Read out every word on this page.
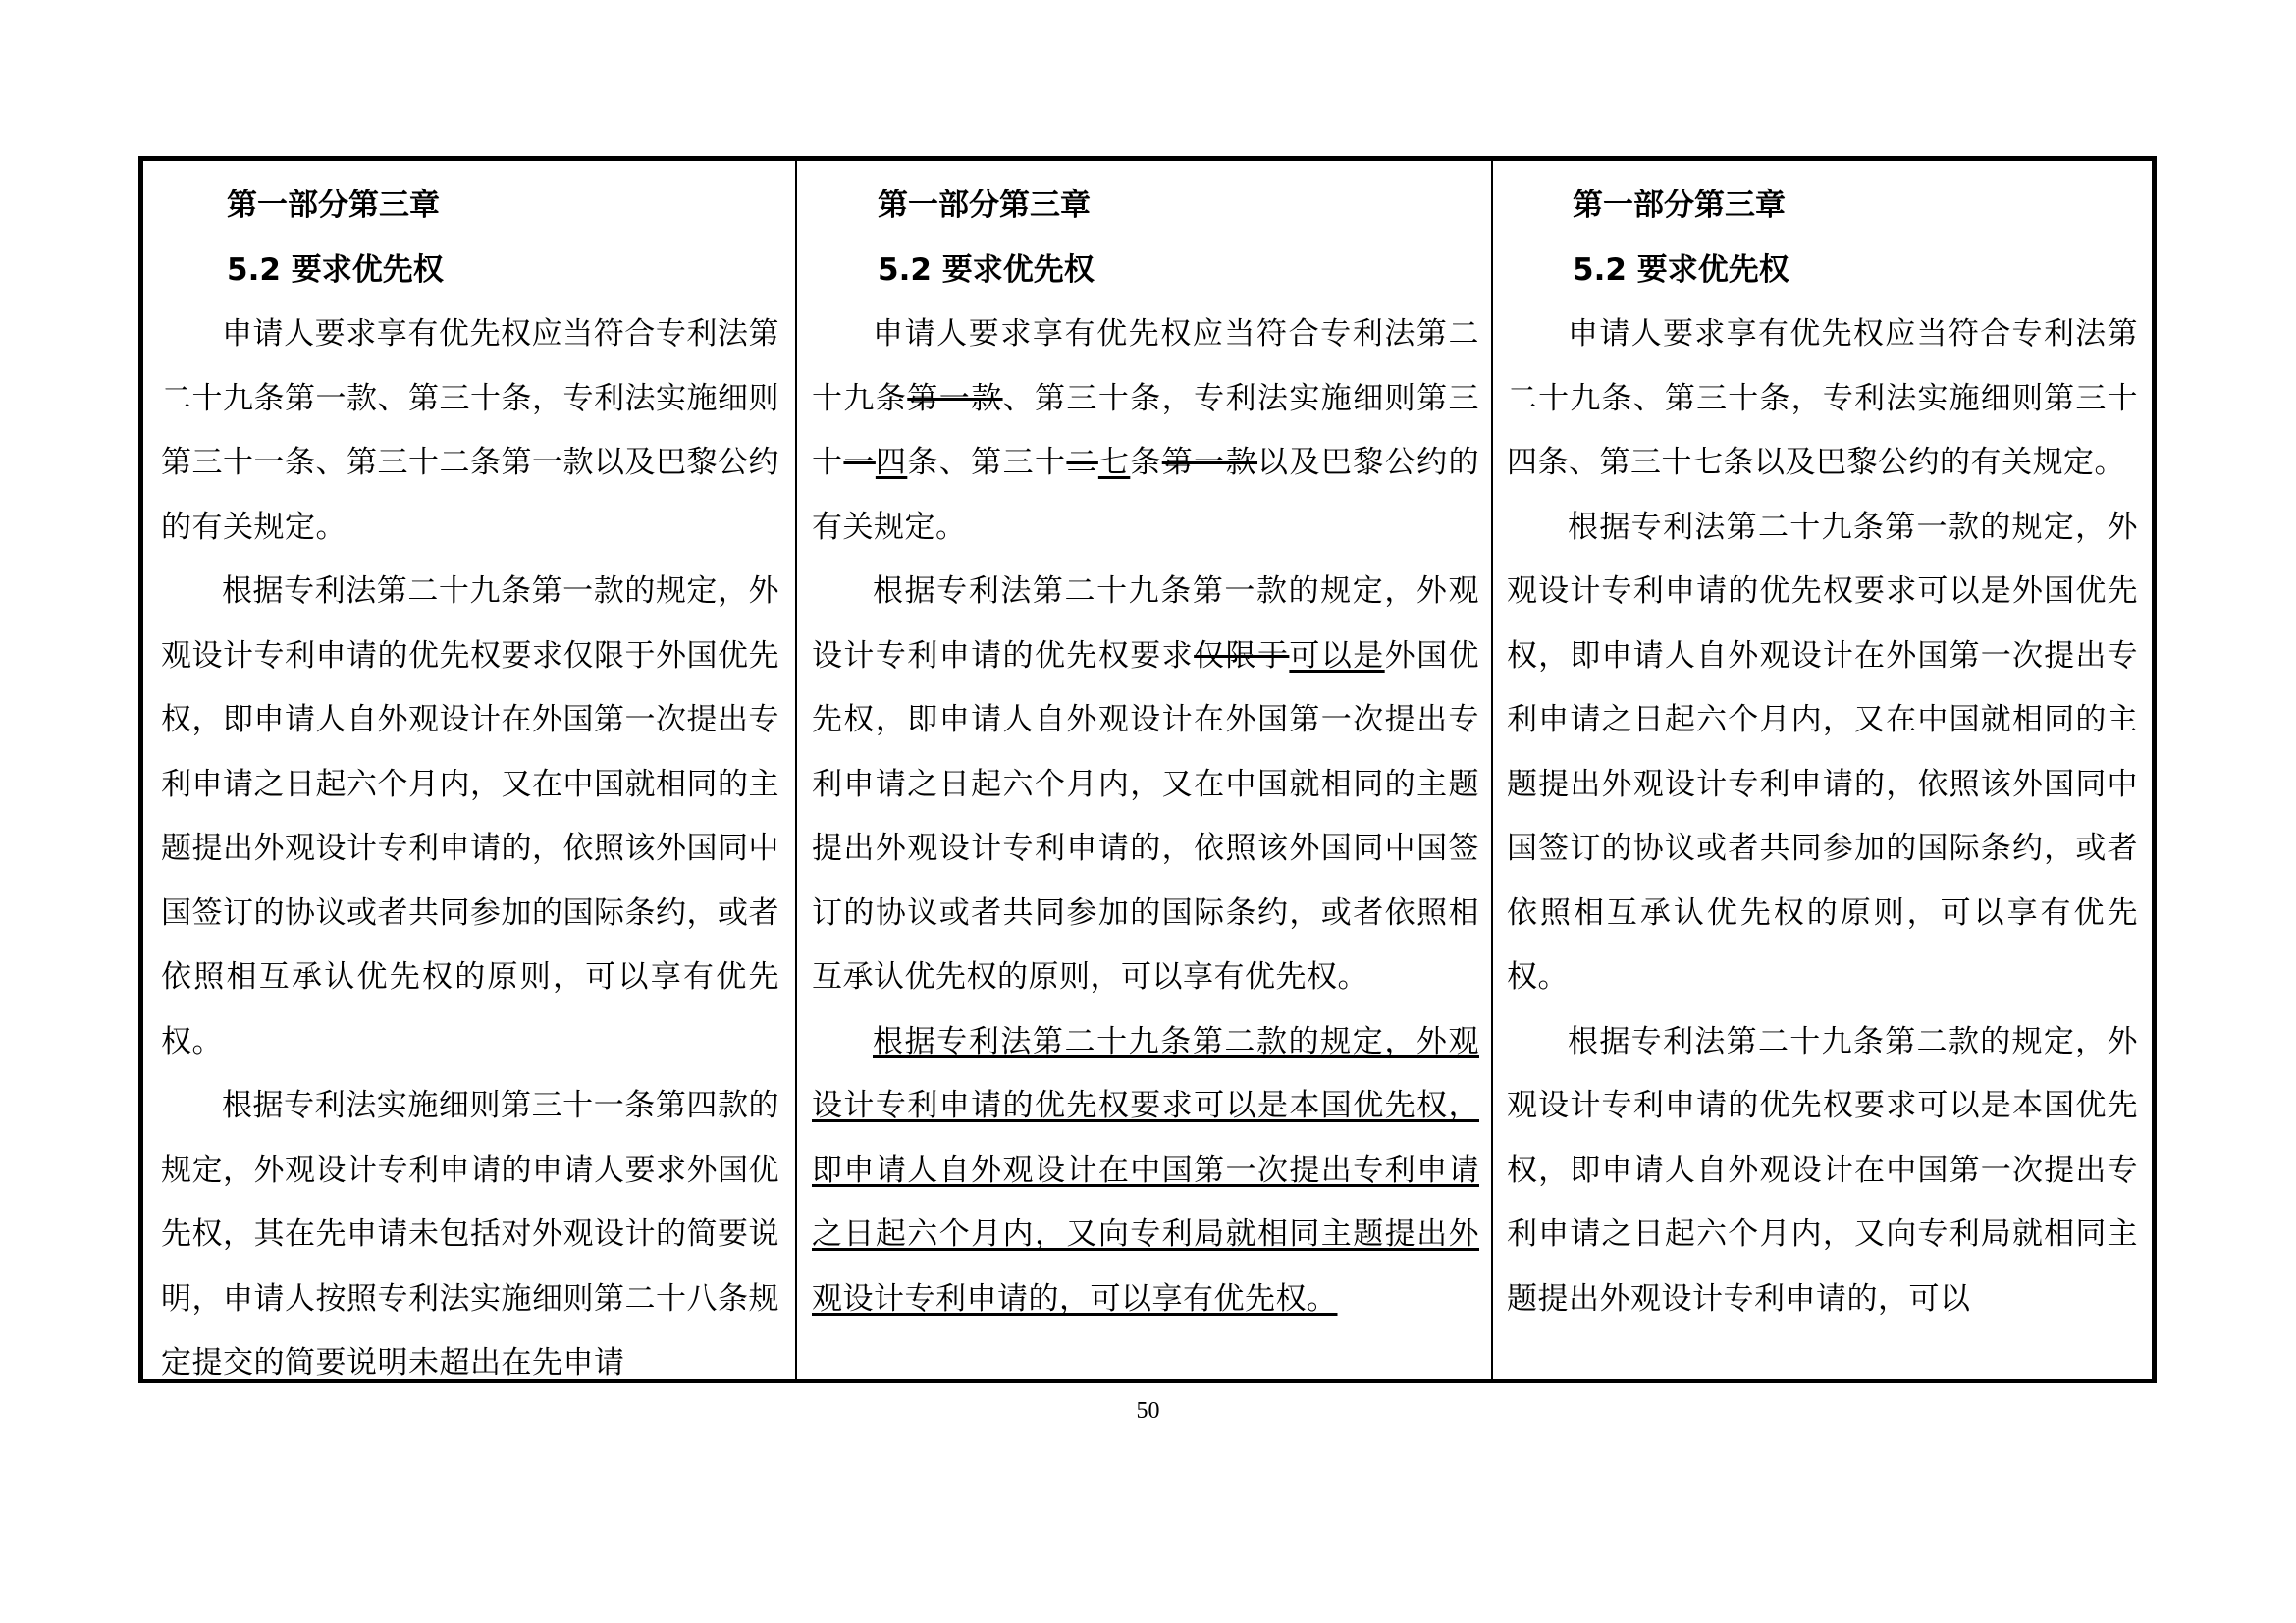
第一部分第三章
5.2 要求优先权

申请人要求享有优先权应当符合专利法第二十九条第一款、第三十条，专利法实施细则第三十一条、第三十二条第一款以及巴黎公约的有关规定。

根据专利法第二十九条第一款的规定，外观设计专利申请的优先权要求仅限于外国优先权，即申请人自外观设计在外国第一次提出专利申请之日起六个月内，又在中国就相同的主题提出外观设计专利申请的，依照该外国同中国签订的协议或者共同参加的国际条约，或者依照相互承认优先权的原则，可以享有优先权。

根据专利法实施细则第三十一条第四款的规定，外观设计专利申请的申请人要求外国优先权，其在先申请未包括对外观设计的简要说明，申请人按照专利法实施细则第二十八条规定提交的简要说明未超出在先申请

第一部分第三章
5.2 要求优先权

申请人要求享有优先权应当符合专利法第二十九条第一款、第三十条，专利法实施细则第三十一四条、第三十二七条第一款以及巴黎公约的有关规定。

根据专利法第二十九条第一款的规定，外观设计专利申请的优先权要求仅限于可以是外国优先权，即申请人自外观设计在外国第一次提出专利申请之日起六个月内，又在中国就相同的主题提出外观设计专利申请的，依照该外国同中国签订的协议或者共同参加的国际条约，或者依照相互承认优先权的原则，可以享有优先权。

根据专利法第二十九条第二款的规定，外观设计专利申请的优先权要求可以是本国优先权，即申请人自外观设计在中国第一次提出专利申请之日起六个月内，又向专利局就相同主题提出外观设计专利申请的，可以享有优先权。

第一部分第三章
5.2 要求优先权

申请人要求享有优先权应当符合专利法第二十九条、第三十条，专利法实施细则第三十四条、第三十七条以及巴黎公约的有关规定。

根据专利法第二十九条第一款的规定，外观设计专利申请的优先权要求可以是外国优先权，即申请人自外观设计在外国第一次提出专利申请之日起六个月内，又在中国就相同的主题提出外观设计专利申请的，依照该外国同中国签订的协议或者共同参加的国际条约，或者依照相互承认优先权的原则，可以享有优先权。

根据专利法第二十九条第二款的规定，外观设计专利申请的优先权要求可以是本国优先权，即申请人自外观设计在中国第一次提出专利申请之日起六个月内，又向专利局就相同主题提出外观设计专利申请的，可以

50
